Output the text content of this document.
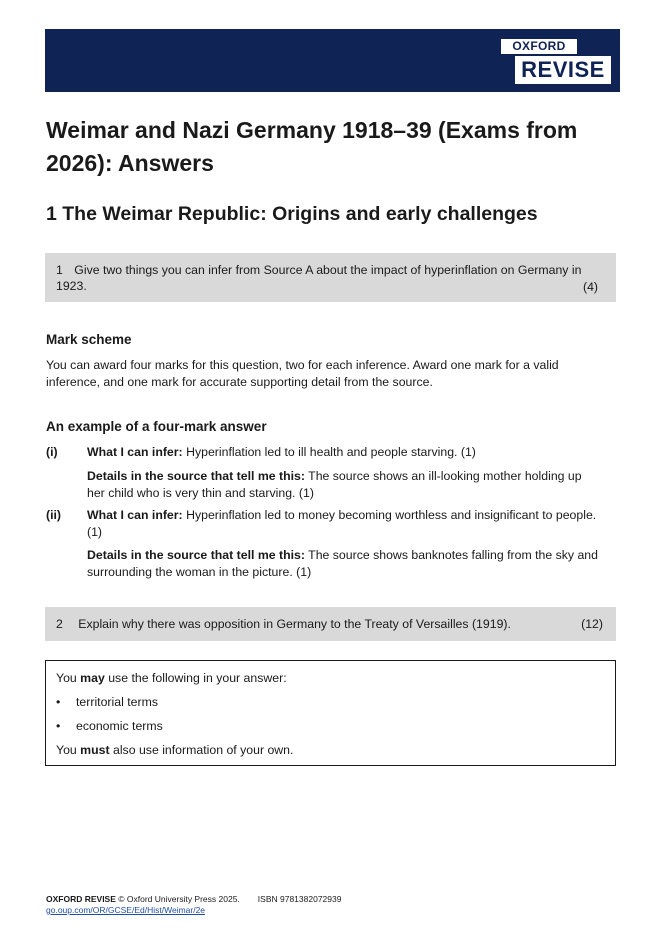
OXFORD
REVISE
Weimar and Nazi Germany 1918–39 (Exams from 2026): Answers
1 The Weimar Republic: Origins and early challenges
1 Give two things you can infer from Source A about the impact of hyperinflation on Germany in 1923.	(4)
Mark scheme

You can award four marks for this question, two for each inference. Award one mark for a valid inference, and one mark for accurate supporting detail from the source.

An example of a four-mark answer
(i) What I can infer: Hyperinflation led to ill health and people starving. (1)
Details in the source that tell me this: The source shows an ill-looking mother holding up her child who is very thin and starving. (1)
(ii) What I can infer: Hyperinflation led to money becoming worthless and insignificant to people. (1)
Details in the source that tell me this: The source shows banknotes falling from the sky and surrounding the woman in the picture. (1)
2 Explain why there was opposition in Germany to the Treaty of Versailles (1919).	(12)
You may use the following in your answer:
• territorial terms
• economic terms
You must also use information of your own.
OXFORD REVISE © Oxford University Press 2025. ISBN 9781382072939
go.oup.com/OR/GCSE/Ed/Hist/Weimar/2e
